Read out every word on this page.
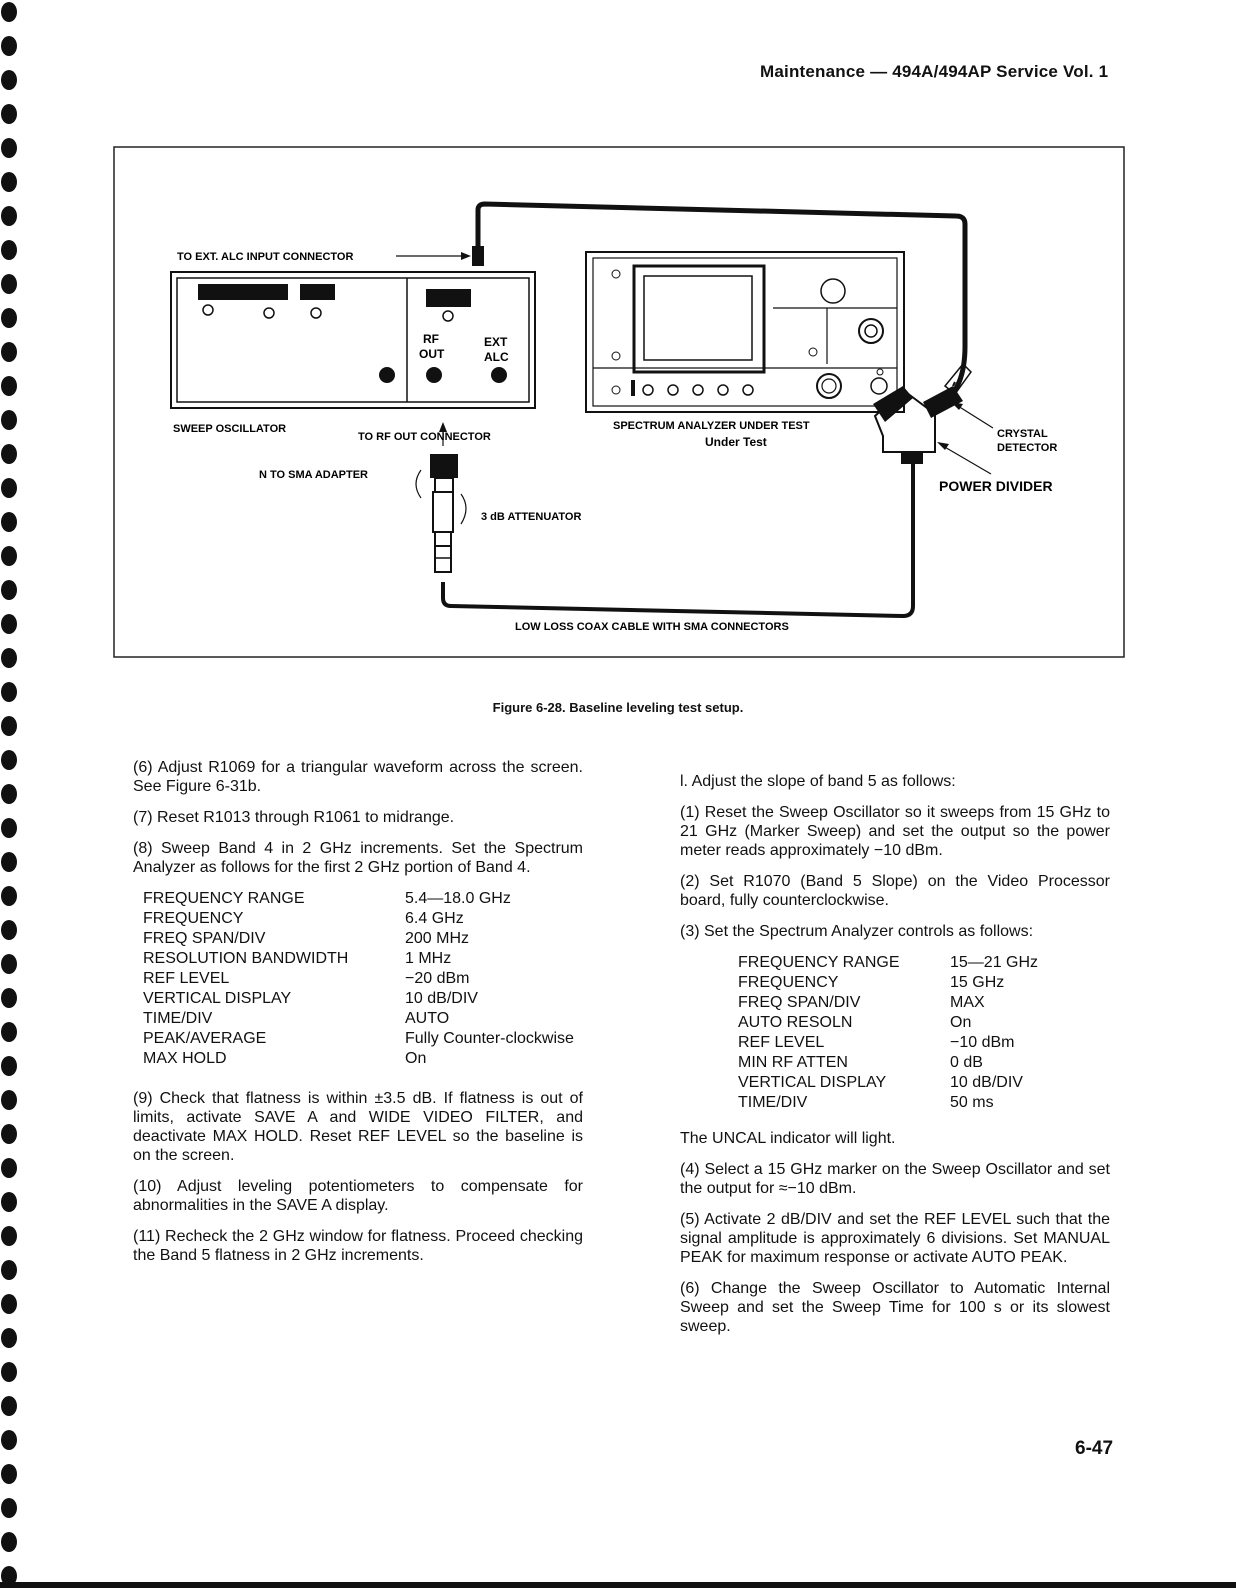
Maintenance — 494A/494AP Service Vol. 1
RF
OUT
EXT
ALC
TO EXT. ALC INPUT CONNECTOR
SWEEP OSCILLATOR
TO RF OUT CONNECTOR
SPECTRUM ANALYZER UNDER TEST
Under Test
CRYSTAL
DETECTOR
POWER DIVIDER
N TO SMA ADAPTER
3 dB ATTENUATOR
LOW LOSS COAX CABLE WITH SMA CONNECTORS
Figure 6-28. Baseline leveling test setup.

(6) Adjust R1069 for a triangular waveform across the screen. See Figure 6-31b.

(7) Reset R1013 through R1061 to midrange.

(8) Sweep Band 4 in 2 GHz increments. Set the Spectrum Analyzer as follows for the first 2 GHz portion of Band 4.

FREQUENCY RANGE	5.4—18.0 GHz
FREQUENCY	6.4 GHz
FREQ SPAN/DIV	200 MHz
RESOLUTION BANDWIDTH	1 MHz
REF LEVEL	−20 dBm
VERTICAL DISPLAY	10 dB/DIV
TIME/DIV	AUTO
PEAK/AVERAGE	Fully Counter-clockwise
MAX HOLD	On

(9) Check that flatness is within ±3.5 dB. If flatness is out of limits, activate SAVE A and WIDE VIDEO FILTER, and deactivate MAX HOLD. Reset REF LEVEL so the baseline is on the screen.

(10) Adjust leveling potentiometers to compensate for abnormalities in the SAVE A display.

(11) Recheck the 2 GHz window for flatness. Proceed checking the Band 5 flatness in 2 GHz increments.

l. Adjust the slope of band 5 as follows:

(1) Reset the Sweep Oscillator so it sweeps from 15 GHz to 21 GHz (Marker Sweep) and set the output so the power meter reads approximately −10 dBm.

(2) Set R1070 (Band 5 Slope) on the Video Processor board, fully counterclockwise.

(3) Set the Spectrum Analyzer controls as follows:

FREQUENCY RANGE	15—21 GHz
FREQUENCY	15 GHz
FREQ SPAN/DIV	MAX
AUTO RESOLN	On
REF LEVEL	−10 dBm
MIN RF ATTEN	0 dB
VERTICAL DISPLAY	10 dB/DIV
TIME/DIV	50 ms

The UNCAL indicator will light.

(4) Select a 15 GHz marker on the Sweep Oscillator and set the output for ≈−10 dBm.

(5) Activate 2 dB/DIV and set the REF LEVEL such that the signal amplitude is approximately 6 divisions. Set MANUAL PEAK for maximum response or activate AUTO PEAK.

(6) Change the Sweep Oscillator to Automatic Internal Sweep and set the Sweep Time for 100 s or its slowest sweep.

6-47
